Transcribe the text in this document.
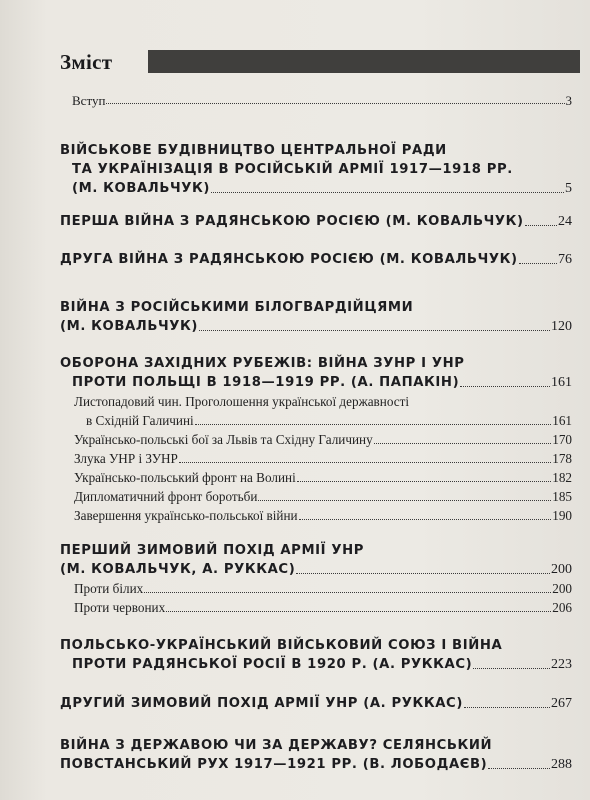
Зміст
Вступ	3
ВІЙСЬКОВЕ БУДІВНИЦТВО ЦЕНТРАЛЬНОЇ РАДИ
ТА УКРАЇНІЗАЦІЯ В РОСІЙСЬКІЙ АРМІЇ 1917—1918 РР.
(М. КОВАЛЬЧУК)	5
ПЕРША ВІЙНА З РАДЯНСЬКОЮ РОСІЄЮ (М. КОВАЛЬЧУК) 24
ДРУГА ВІЙНА З РАДЯНСЬКОЮ РОСІЄЮ (М. КОВАЛЬЧУК)	76
ВІЙНА З РОСІЙСЬКИМИ БІЛОГВАРДІЙЦЯМИ
(М. КОВАЛЬЧУК)	120
ОБОРОНА ЗАХІДНИХ РУБЕЖІВ: ВІЙНА ЗУНР І УНР
ПРОТИ ПОЛЬЩІ В 1918—1919 РР. (А. ПАПАКІН)	161
Листопадовий чин. Проголошення української державності
в Східній Галичині	161
Українсько-польські бої за Львів та Східну Галичину	170
Злука УНР і ЗУНР	178
Українсько-польський фронт на Волині	182
Дипломатичний фронт боротьби	185
Завершення українсько-польської війни	190
ПЕРШИЙ ЗИМОВИЙ ПОХІД АРМІЇ УНР
(М. КОВАЛЬЧУК, А. РУККАС)	200
Проти білих	200
Проти червоних	206
ПОЛЬСЬКО-УКРАЇНСЬКИЙ ВІЙСЬКОВИЙ СОЮЗ І ВІЙНА
ПРОТИ РАДЯНСЬКОЇ РОСІЇ В 1920 Р. (А. РУККАС)	223
ДРУГИЙ ЗИМОВИЙ ПОХІД АРМІЇ УНР (А. РУККАС)	267
ВІЙНА З ДЕРЖАВОЮ ЧИ ЗА ДЕРЖАВУ? СЕЛЯНСЬКИЙ
ПОВСТАНСЬКИЙ РУХ 1917—1921 РР. (В. ЛОБОДАЄВ)	288
